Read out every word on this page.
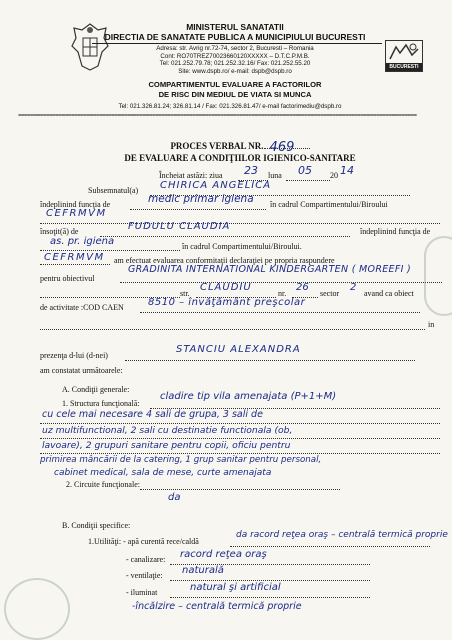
BUCURESTI
MINISTERUL SANATATII
DIRECTIA DE SANATATE PUBLICA A MUNICIPIULUI BUCURESTI
Adresa: str. Avrig nr.72-74, sector 2, Bucuresti – Romania
Cont: RO70TREZ70023660120XXXXX – D.T.C.P.M.B.
Tel: 021.252.79.78; 021.252.32.16/ Fax: 021.252.55.20
Site: www.dspb.ro/ e-mail: dspb@dspb.ro
COMPARTIMENTUL EVALUARE A FACTORILOR
DE RISC DIN MEDIUL DE VIATA SI MUNCA
Tel: 021.326.81.24; 326.81.14 / Fax: 021.326.81.47/ e-mail factorimediu@dspb.ro
================================================================================================================================
PROCES VERBAL NR. 469
DE EVALUARE A CONDIŢIILOR IGIENICO-SANITARE
Încheiat astăzi: ziua 23 luna 05 20 14
Subsemnatul(a) CHIRICA ANGELICA
îndeplinind funcţia de	medic primar igiena în cadrul Compartimentului/Biroului
CEFRMVM
însoţit(ă) de	FUDULU CLAUDIA	îndeplinind funcţia de
as. pr. igiena	în cadrul Compartimentului/Biroului.
CEFRMVM am efectuat evaluarea conformitaţii declaraţiei pe propria raspundere
pentru obiectivul
GRADINITA INTERNATIONAL KINDERGARTEN ( MOREEFI )
str.
CLAUDIU
nr.
26
sector
2
avand ca obiect
de activitate :COD CAEN 8510 – învăţământ preşcolar
in
prezenţa d-lui (d-nei)
STANCIU ALEXANDRA
am constatat următoarele:
A. Condiţii generale:
1. Structura funcţională:
cladire tip vila amenajata (P+1+M)
cu cele mai necesare 4 sali de grupa, 3 sali de
uz multifunctional, 2 sali cu destinatie functionala (ob,
lavoare), 2 grupuri sanitare pentru copii, oficiu pentru
primirea mâncării de la catering, 1 grup sanitar pentru personal,
cabinet medical, sala de mese, curte amenajata
2. Circuite funcţionale:
da
B. Condiţii specifice:
1.Utilităţi: - apă curentă rece/caldă
da racord reţea oraş – centrală termică proprie
- canalizare: racord reţea oraş
- ventilaţie: naturală
- iluminat	natural şi artificial
-încălzire – centrală termică proprie
